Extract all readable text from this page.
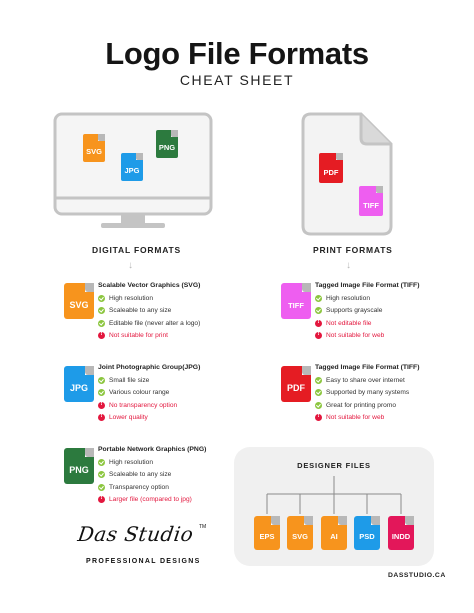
Logo File Formats
CHEAT SHEET
SVG
JPG
PNG
PDF
TIFF
DIGITAL FORMATS
↓
PRINT FORMATS
↓
SVG
Scalable Vector Graphics (SVG)
High resolution
Scaleable to any size
Editable file (never alter a logo)
!
Not suitable for print
JPG
Joint Photographic Group(JPG)
Small file size
Various colour range
!
No transparency option
!
Lower quality
PNG
Portable Network Graphics (PNG)
High resolution
Scaleable to any size
Transparency option
!
Larger file (compared to jpg)
TIFF
Tagged Image File Format (TIFF)
High resolution
Supports grayscale
!
Not editable file
!
Not suitable for web
PDF
Tagged Image File Format (TIFF)
Easy to share over internet
Supported by many systems
Great for printing promo
!
Not suitable for web
DESIGNER FILES
EPS	SVG	AI	PSD	INDD
Das Studio TM
PROFESSIONAL DESIGNS
DASSTUDIO.CA
